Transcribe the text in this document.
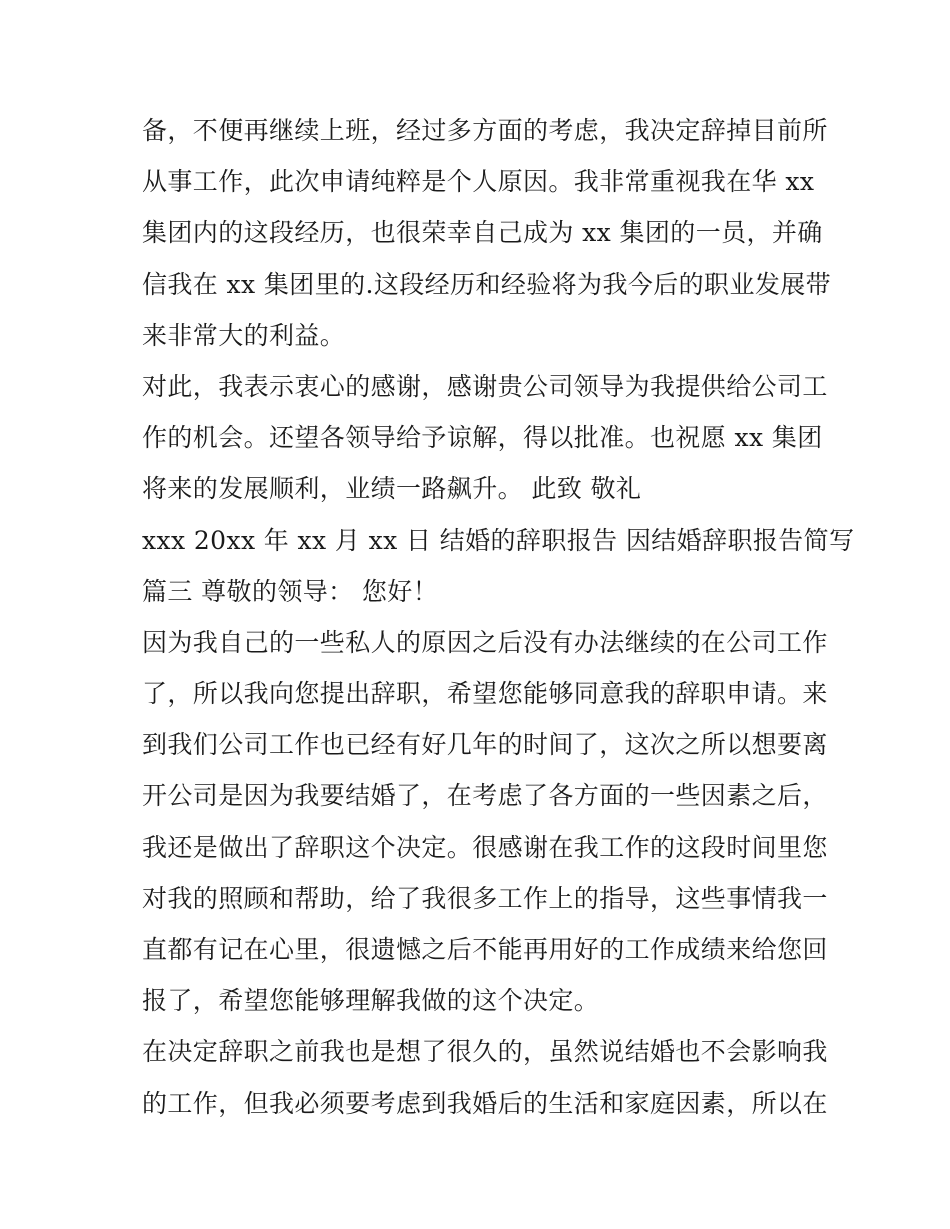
备，不便再继续上班，经过多方面的考虑，我决定辞掉目前所
从事工作，此次申请纯粹是个人原因。我非常重视我在华 xx
集团内的这段经历，也很荣幸自己成为 xx 集团的一员，并确
信我在 xx 集团里的.这段经历和经验将为我今后的职业发展带
来非常大的利益。
对此，我表示衷心的感谢，感谢贵公司领导为我提供给公司工
作的机会。还望各领导给予谅解，得以批准。也祝愿 xx 集团
将来的发展顺利，业绩一路飙升。 此致 敬礼
xxx 20xx 年 xx 月 xx 日 结婚的辞职报告 因结婚辞职报告简写
篇三 尊敬的领导： 您好！
因为我自己的一些私人的原因之后没有办法继续的在公司工作
了，所以我向您提出辞职，希望您能够同意我的辞职申请。来
到我们公司工作也已经有好几年的时间了，这次之所以想要离
开公司是因为我要结婚了，在考虑了各方面的一些因素之后，
我还是做出了辞职这个决定。很感谢在我工作的这段时间里您
对我的照顾和帮助，给了我很多工作上的指导，这些事情我一
直都有记在心里，很遗憾之后不能再用好的工作成绩来给您回
报了，希望您能够理解我做的这个决定。
在决定辞职之前我也是想了很久的，虽然说结婚也不会影响我
的工作，但我必须要考虑到我婚后的生活和家庭因素，所以在
